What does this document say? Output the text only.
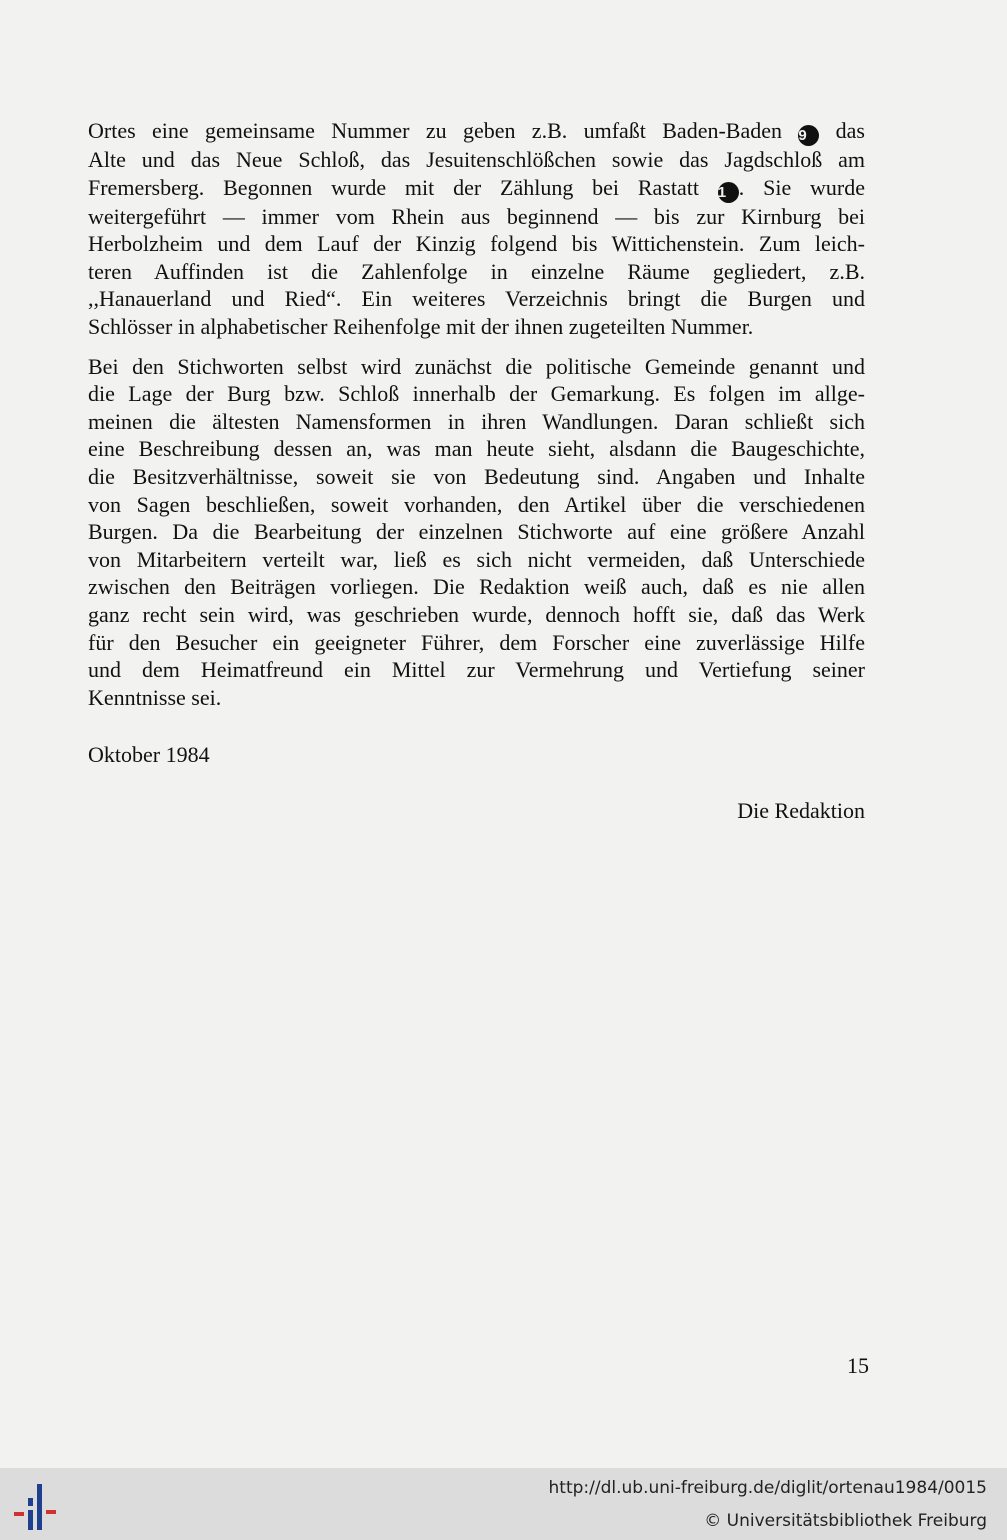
Ortes eine gemeinsame Nummer zu geben z.B. umfaßt Baden-Baden 9 das
Alte und das Neue Schloß, das Jesuitenschlößchen sowie das Jagdschloß am
Fremersberg. Begonnen wurde mit der Zählung bei Rastatt 1 . Sie wurde
weitergeführt — immer vom Rhein aus beginnend — bis zur Kirnburg bei
Herbolzheim und dem Lauf der Kinzig folgend bis Wittichenstein. Zum leich-
teren Auffinden ist die Zahlenfolge in einzelne Räume gegliedert, z.B.
,,Hanauerland und Ried“. Ein weiteres Verzeichnis bringt die Burgen und
Schlösser in alphabetischer Reihenfolge mit der ihnen zugeteilten Nummer.

Bei den Stichworten selbst wird zunächst die politische Gemeinde genannt und
die Lage der Burg bzw. Schloß innerhalb der Gemarkung. Es folgen im allge-
meinen die ältesten Namensformen in ihren Wandlungen. Daran schließt sich
eine Beschreibung dessen an, was man heute sieht, alsdann die Baugeschichte,
die Besitzverhältnisse, soweit sie von Bedeutung sind. Angaben und Inhalte
von Sagen beschließen, soweit vorhanden, den Artikel über die verschiedenen
Burgen. Da die Bearbeitung der einzelnen Stichworte auf eine größere Anzahl
von Mitarbeitern verteilt war, ließ es sich nicht vermeiden, daß Unterschiede
zwischen den Beiträgen vorliegen. Die Redaktion weiß auch, daß es nie allen
ganz recht sein wird, was geschrieben wurde, dennoch hofft sie, daß das Werk
für den Besucher ein geeigneter Führer, dem Forscher eine zuverlässige Hilfe
und dem Heimatfreund ein Mittel zur Vermehrung und Vertiefung seiner
Kenntnisse sei.

Oktober 1984
Die Redaktion
15
http://dl.ub.uni-freiburg.de/diglit/ortenau1984/0015
© Universitätsbibliothek Freiburg
